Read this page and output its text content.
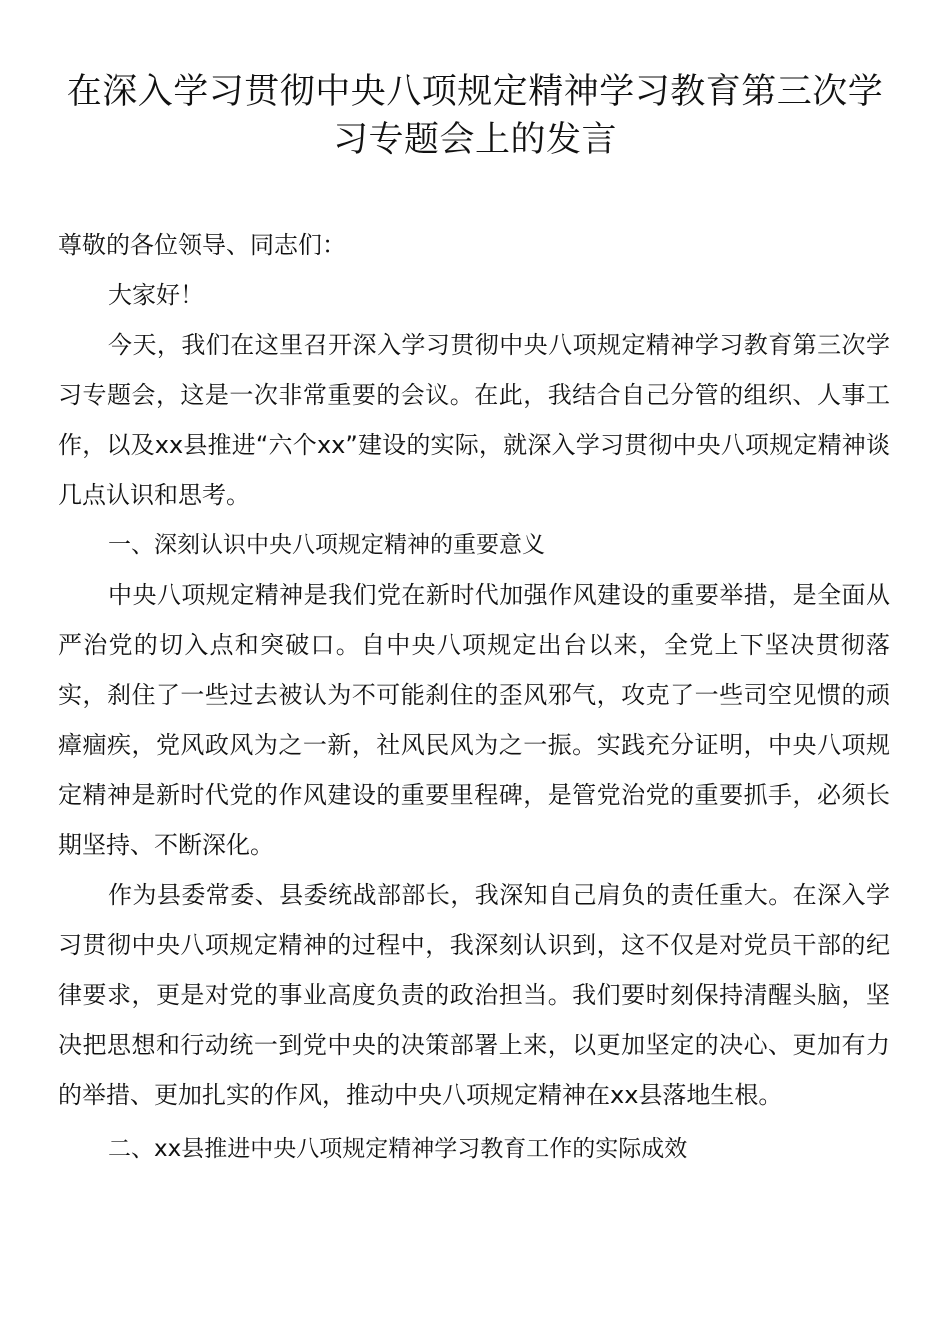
在深入学习贯彻中央八项规定精神学习教育第三次学习专题会上的发言

尊敬的各位领导、同志们：

大家好！

今天，我们在这里召开深入学习贯彻中央八项规定精神学习教育第三次学习专题会，这是一次非常重要的会议。在此，我结合自己分管的组织、人事工作，以及xx县推进“六个xx”建设的实际，就深入学习贯彻中央八项规定精神谈几点认识和思考。

一、深刻认识中央八项规定精神的重要意义

中央八项规定精神是我们党在新时代加强作风建设的重要举措，是全面从严治党的切入点和突破口。自中央八项规定出台以来，全党上下坚决贯彻落实，刹住了一些过去被认为不可能刹住的歪风邪气，攻克了一些司空见惯的顽瘴痼疾，党风政风为之一新，社风民风为之一振。实践充分证明，中央八项规定精神是新时代党的作风建设的重要里程碑，是管党治党的重要抓手，必须长期坚持、不断深化。

作为县委常委、县委统战部部长，我深知自己肩负的责任重大。在深入学习贯彻中央八项规定精神的过程中，我深刻认识到，这不仅是对党员干部的纪律要求，更是对党的事业高度负责的政治担当。我们要时刻保持清醒头脑，坚决把思想和行动统一到党中央的决策部署上来，以更加坚定的决心、更加有力的举措、更加扎实的作风，推动中央八项规定精神在xx县落地生根。

二、xx县推进中央八项规定精神学习教育工作的实际成效
